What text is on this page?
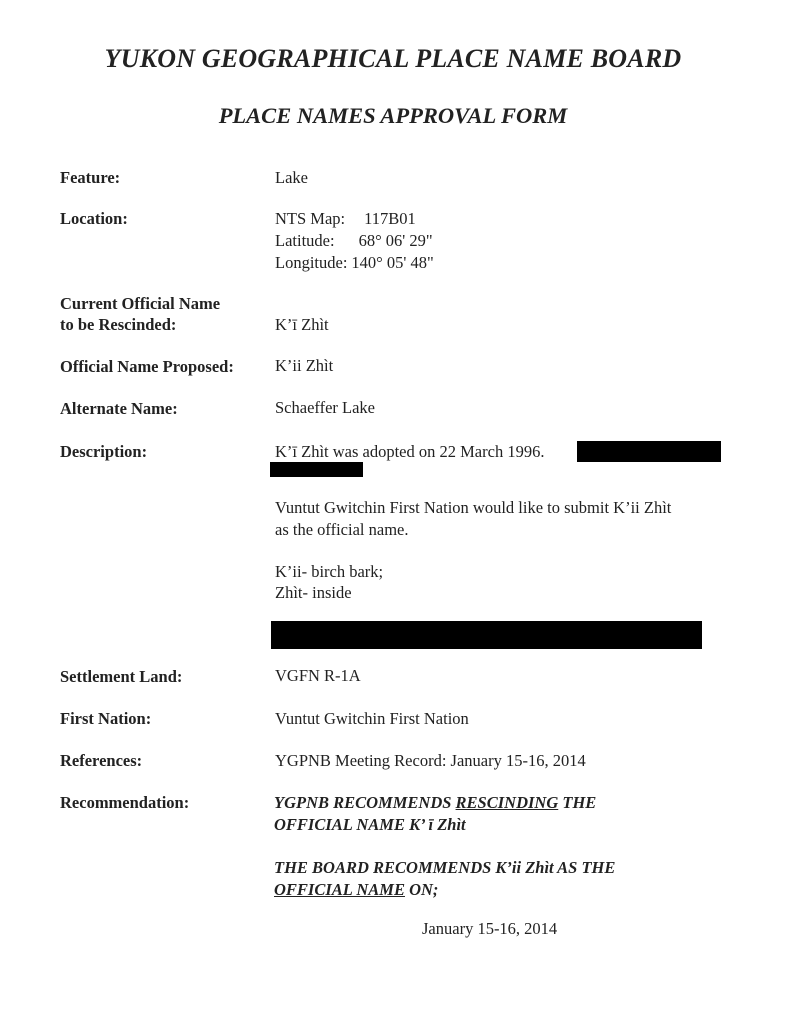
YUKON GEOGRAPHICAL PLACE NAME BOARD
PLACE NAMES APPROVAL FORM
Feature:	Lake
Location:	NTS Map: 117B01
Latitude: 68° 06' 29"
Longitude: 140° 05' 48"
Current Official Name
to be Rescinded:	K’ī Zhìt
Official Name Proposed: K’ii Zhìt
Alternate Name:	Schaeffer Lake
Description:	K’ī Zhìt was adopted on 22 March 1996.
Vuntut Gwitchin First Nation would like to submit K’ii Zhìt
as the official name.
K’ii- birch bark;
Zhìt- inside
Settlement Land:	VGFN R-1A
First Nation:	Vuntut Gwitchin First Nation
References:	YGPNB Meeting Record: January 15-16, 2014
Recommendation:	YGPNB RECOMMENDS RESCINDING THE
OFFICIAL NAME K’ ī Zhìt
THE BOARD RECOMMENDS K’ii Zhìt AS THE
OFFICIAL NAME ON;
January 15-16, 2014
